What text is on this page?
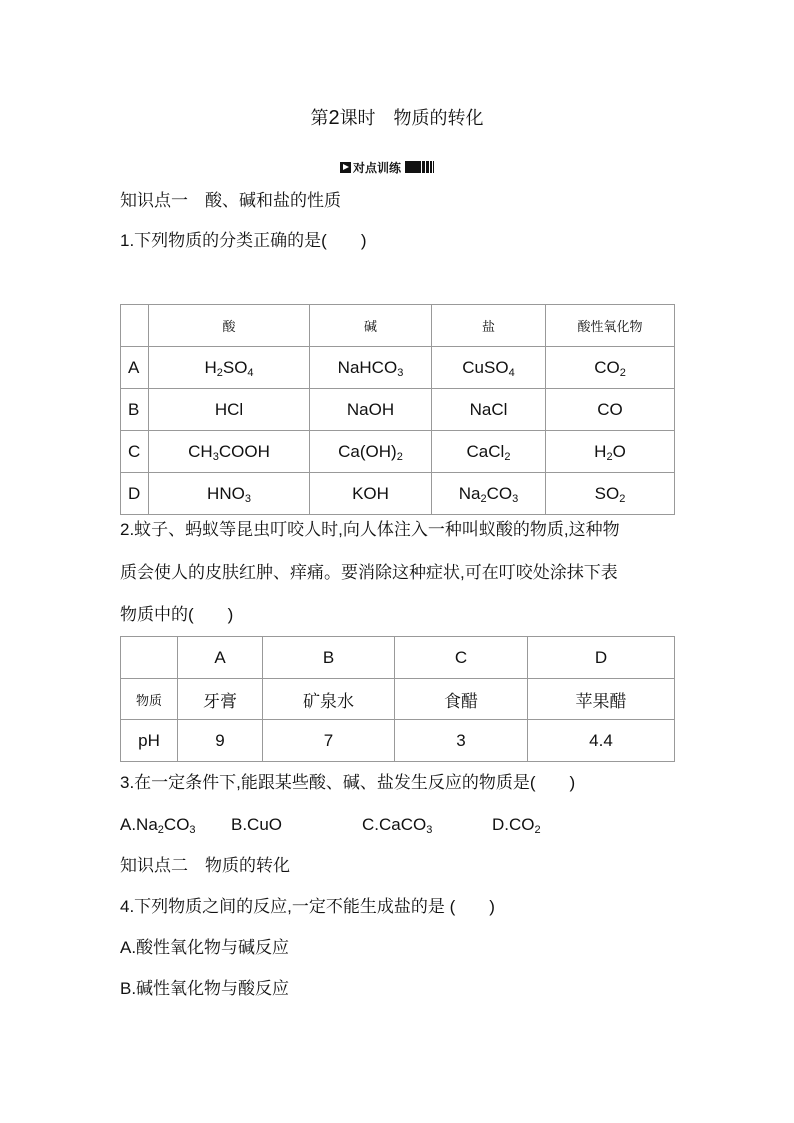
第2课时　物质的转化
对点训练
知识点一　酸、碱和盐的性质
1.下列物质的分类正确的是(　　)
	酸	碱	盐	酸性氧化物
A	$H_2SO_4$	NaHCO$_3$	CuSO$_4$	$CO_2$
B	HCl	NaOH	NaCl	CO
C	$CH_3COOH$	$Ca(OH)_2$	CaCl$_2$	$H_2O$
D	$HNO_3$	KOH	$Na_2CO_3$	$SO_2$
2.蚊子、蚂蚁等昆虫叮咬人时,向人体注入一种叫蚁酸的物质,这种物
质会使人的皮肤红肿、痒痛。要消除这种症状,可在叮咬处涂抹下表
物质中的(　　)
	A	B	C	D
物质	牙膏	矿泉水	食醋	苹果醋
pH	9	7	3	4.4
3.在一定条件下,能跟某些酸、碱、盐发生反应的物质是(　　)
$A.Na_2CO_3$ B.CuO	C.CaCO$_3$	$D.CO_2$
知识点二　物质的转化
4.下列物质之间的反应,一定不能生成盐的是 (　　)
A.酸性氧化物与碱反应
B.碱性氧化物与酸反应
